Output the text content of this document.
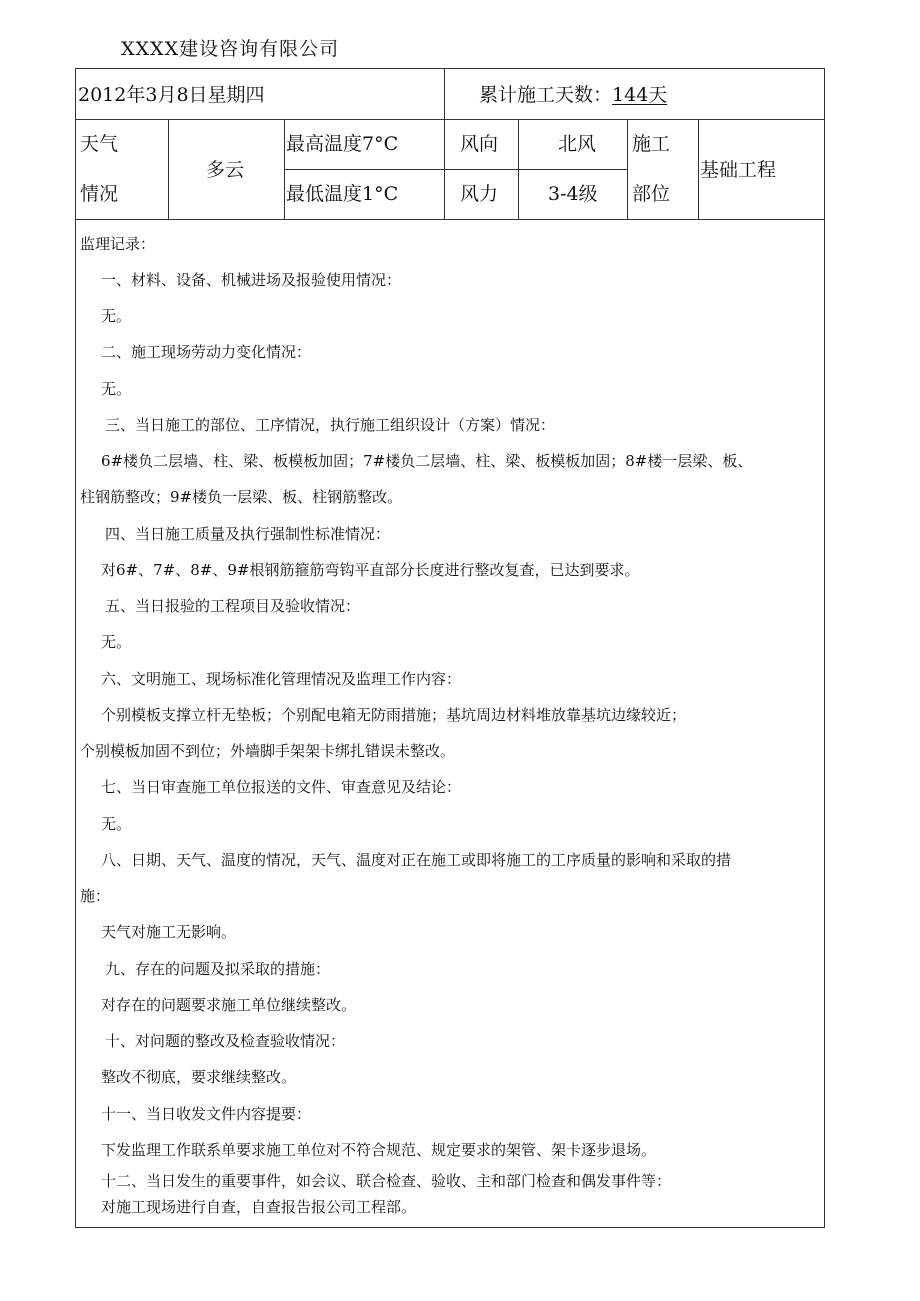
XXXX建设咨询有限公司
2012年3月8日星期四	累计施工天数：144天
天气
情况
多云
最高温度7°C
最低温度1°C
风向
风力
北风
3-4级
施工
部位
基础工程
监理记录：
一、材料、设备、机械进场及报验使用情况：
无。
二、施工现场劳动力变化情况：
无。
三、当日施工的部位、工序情况，执行施工组织设计（方案）情况：
6#楼负二层墙、柱、梁、板模板加固；7#楼负二层墙、柱、梁、板模板加固；8#楼一层梁、板、
柱钢筋整改；9#楼负一层梁、板、柱钢筋整改。
四、当日施工质量及执行强制性标准情况：
对6#、7#、8#、9#根钢筋箍筋弯钩平直部分长度进行整改复查，已达到要求。
五、当日报验的工程项目及验收情况：
无。
六、文明施工、现场标准化管理情况及监理工作内容：
个别模板支撑立杆无垫板；个别配电箱无防雨措施；基坑周边材料堆放靠基坑边缘较近；
个别模板加固不到位；外墙脚手架架卡绑扎错误未整改。
七、当日审查施工单位报送的文件、审查意见及结论：
无。
八、日期、天气、温度的情况，天气、温度对正在施工或即将施工的工序质量的影响和采取的措
施：
天气对施工无影响。
九、存在的问题及拟采取的措施：
对存在的问题要求施工单位继续整改。
十、对问题的整改及检查验收情况：
整改不彻底，要求继续整改。
十一、当日收发文件内容提要：
下发监理工作联系单要求施工单位对不符合规范、规定要求的架管、架卡逐步退场。
十二、当日发生的重要事件，如会议、联合检查、验收、主和部门检查和偶发事件等：
对施工现场进行自查，自查报告报公司工程部。
